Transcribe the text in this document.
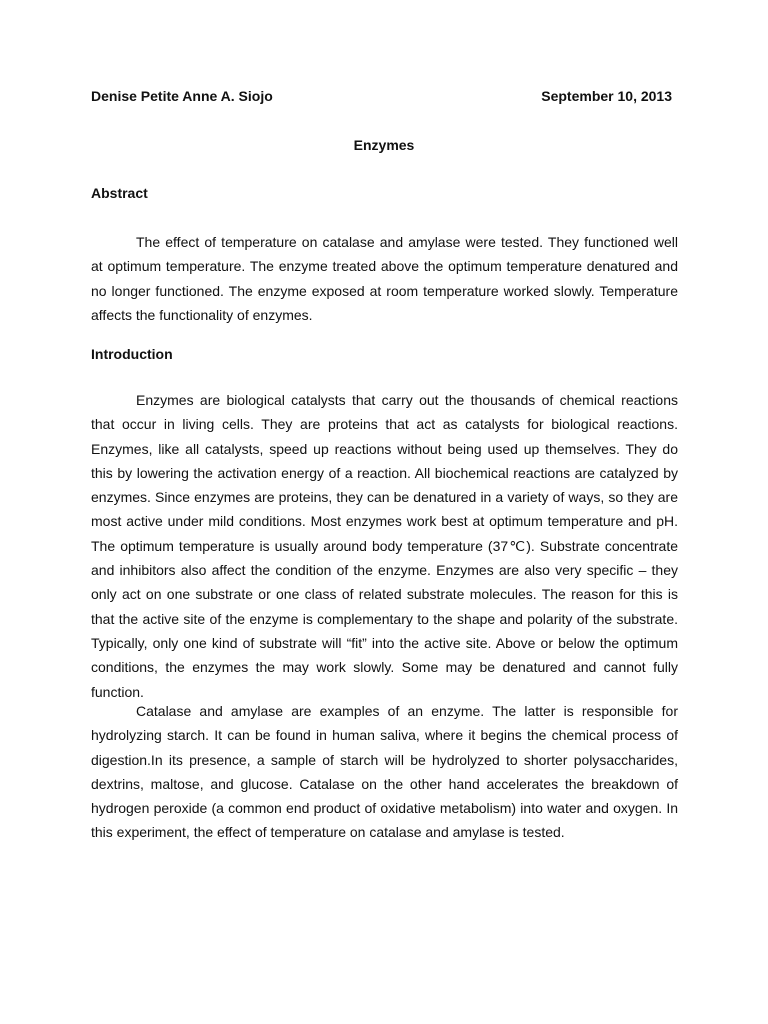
Denise Petite Anne A. Siojo	September 10, 2013
Enzymes
Abstract

The effect of temperature on catalase and amylase were tested. They functioned well at optimum temperature. The enzyme treated above the optimum temperature denatured and no longer functioned. The enzyme exposed at room temperature worked slowly. Temperature affects the functionality of enzymes.

Introduction

Enzymes are biological catalysts that carry out the thousands of chemical reactions that occur in living cells. They are proteins that act as catalysts for biological reactions. Enzymes, like all catalysts, speed up reactions without being used up themselves. They do this by lowering the activation energy of a reaction. All biochemical reactions are catalyzed by enzymes. Since enzymes are proteins, they can be denatured in a variety of ways, so they are most active under mild conditions. Most enzymes work best at optimum temperature and pH. The optimum temperature is usually around body temperature (37℃). Substrate concentrate and inhibitors also affect the condition of the enzyme. Enzymes are also very specific – they only act on one substrate or one class of related substrate molecules. The reason for this is that the active site of the enzyme is complementary to the shape and polarity of the substrate. Typically, only one kind of substrate will “fit” into the active site. Above or below the optimum conditions, the enzymes the may work slowly. Some may be denatured and cannot fully function.

Catalase and amylase are examples of an enzyme. The latter is responsible for hydrolyzing starch. It can be found in human saliva, where it begins the chemical process of digestion.In its presence, a sample of starch will be hydrolyzed to shorter polysaccharides, dextrins, maltose, and glucose. Catalase on the other hand accelerates the breakdown of hydrogen peroxide (a common end product of oxidative metabolism) into water and oxygen. In this experiment, the effect of temperature on catalase and amylase is tested.
